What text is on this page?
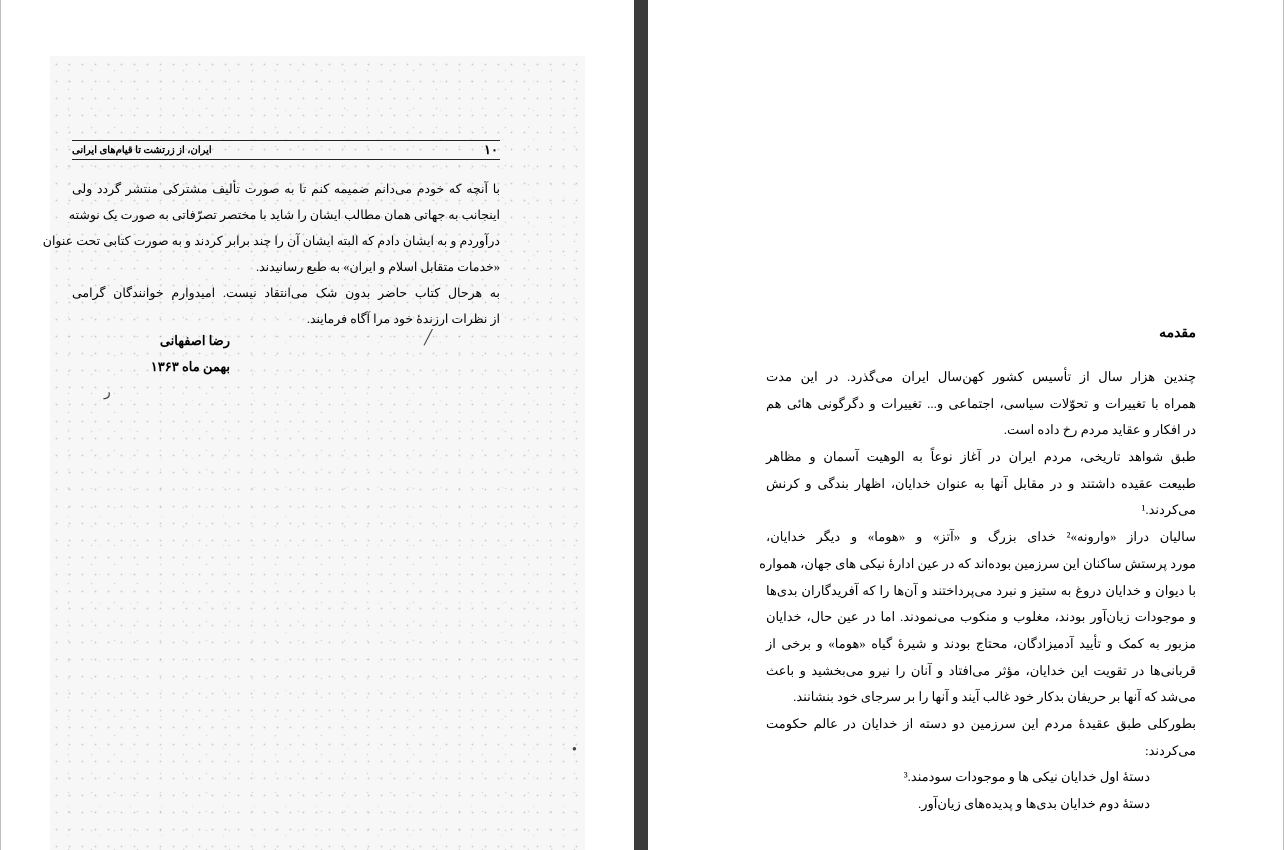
ایران، از زرتشت تا قیام‌های ایرانی	۱۰
با آنچه که خودم می‌دانم ضمیمه کنم تا به صورت تألیف مشترکی منتشر گردد ولی
اینجانب به جهاتی همان مطالب ایشان را شاید با مختصر تصرّفاتی به صورت یک نوشته
درآوردم و به ایشان دادم که البته ایشان آن را چند برابر کردند و به صورت کتابی تحت عنوان
«خدمات متقابل اسلام و ایران» به طبع رسانیدند.
به هرحال کتاب حاضر بدون شک می‌انتقاد نیست. امیدوارم خوانندگان گرامی
از نظرات ارزندهٔ خود مرا آگاه فرمایند.
رضا اصفهانی
بهمن ماه ۱۳۶۳
╱
ﺭ
●
مقدمه
چندین هزار سال از تأسیس کشور کهن‌سال ایران می‌گذرد. در این مدت
همراه با تغییرات و تحوّلات سیاسی، اجتماعی و... تغییرات و دگرگونی هائی هم
در افکار و عقاید مردم رخ داده است.
طبق شواهد تاریخی، مردم ایران در آغاز نوعاً به الوهیت آسمان و مظاهر
طبیعت عقیده داشتند و در مقابل آنها به عنوان خدایان، اظهار بندگی و کرنش
می‌کردند.¹
سالیان دراز «وارونه»² خدای بزرگ و «آتز» و «هوما» و دیگر خدایان،
مورد پرستش ساکنان این سرزمین بوده‌اند که در عین ادارهٔ نیکی های جهان، همواره
با دیوان و خدایان دروغ به ستیز و نبرد می‌پرداختند و آن‌ها را که آفریدگاران بدی‌ها
و موجودات زیان‌آور بودند، مغلوب و منکوب می‌نمودند. اما در عین حال، خدایان
مزبور به کمک و تأیید آدمیزادگان، محتاج بودند و شیرهٔ گیاه «هوما» و برخی از
قربانی‌ها در تقویت این خدایان، مؤثر می‌افتاد و آنان را نیرو می‌بخشید و باعث
می‌شد که آنها بر حریفان بدکار خود غالب آیند و آنها را بر سرجای خود بنشانند.
بطورکلی طبق عقیدهٔ مردم این سرزمین دو دسته از خدایان در عالم حکومت
می‌کردند:
دستهٔ اول خدایان نیکی ها و موجودات سودمند.³
دستهٔ دوم خدایان بدی‌ها و پدیده‌های زیان‌آور.
